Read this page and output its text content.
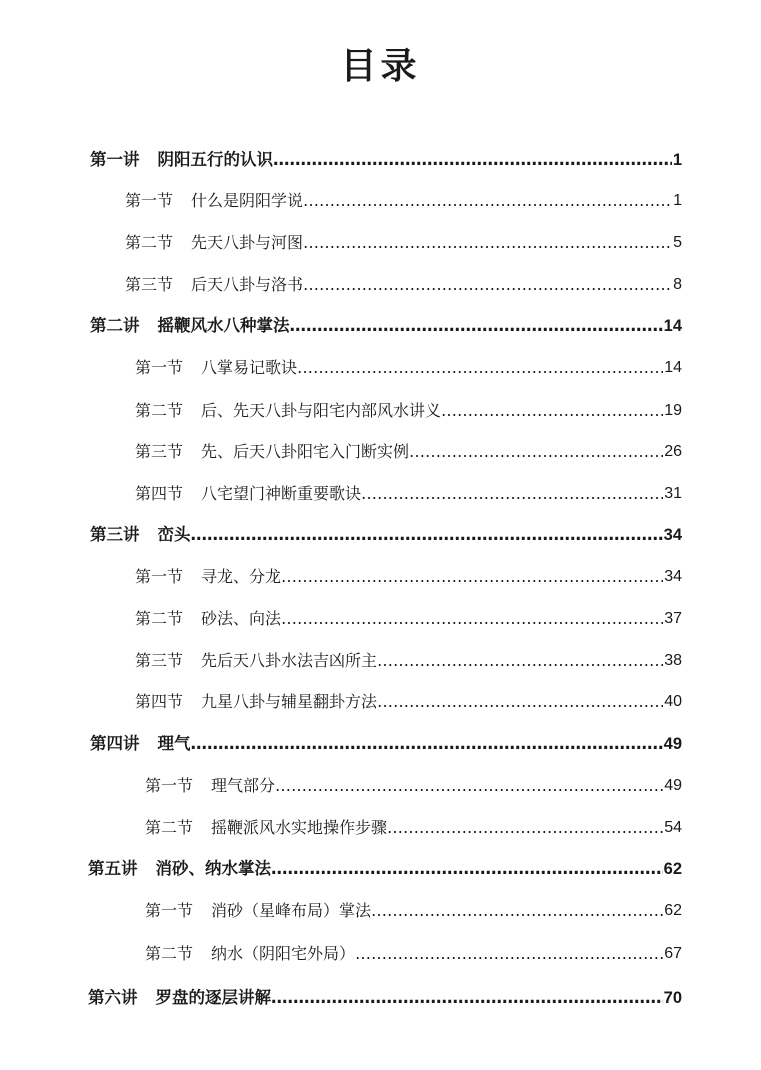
目录
第一讲 阴阳五行的认识 …………………………………………………………………………………………………………………………………………………………………………………………………………	1
第一节 什么是阴阳学说 …………………………………………………………………………………………………………………………………………………………………………………………………………	1
第二节 先天八卦与河图 …………………………………………………………………………………………………………………………………………………………………………………………………………	5
第三节 后天八卦与洛书 …………………………………………………………………………………………………………………………………………………………………………………………………………	8
第二讲 摇鞭风水八种掌法 …………………………………………………………………………………………………………………………………………………………………………………………………………	14
第一节 八掌易记歌诀 …………………………………………………………………………………………………………………………………………………………………………………………………………	14
第二节 后、先天八卦与阳宅内部风水讲义 …………………………………………………………………………………………………………………………………………………………………………………………………………	19
第三节 先、后天八卦阳宅入门断实例 …………………………………………………………………………………………………………………………………………………………………………………………………………	26
第四节 八宅望门神断重要歌诀 …………………………………………………………………………………………………………………………………………………………………………………………………………	31
第三讲 峦头 …………………………………………………………………………………………………………………………………………………………………………………………………………	34
第一节 寻龙、分龙 …………………………………………………………………………………………………………………………………………………………………………………………………………	34
第二节 砂法、向法 …………………………………………………………………………………………………………………………………………………………………………………………………………	37
第三节 先后天八卦水法吉凶所主 …………………………………………………………………………………………………………………………………………………………………………………………………………	38
第四节 九星八卦与辅星翻卦方法 …………………………………………………………………………………………………………………………………………………………………………………………………………	40
第四讲 理气 …………………………………………………………………………………………………………………………………………………………………………………………………………	49
第一节 理气部分 …………………………………………………………………………………………………………………………………………………………………………………………………………	49
第二节 摇鞭派风水实地操作步骤 …………………………………………………………………………………………………………………………………………………………………………………………………………	54
第五讲 消砂、纳水掌法 …………………………………………………………………………………………………………………………………………………………………………………………………………	62
第一节 消砂（星峰布局）掌法 …………………………………………………………………………………………………………………………………………………………………………………………………………	62
第二节 纳水（阴阳宅外局） …………………………………………………………………………………………………………………………………………………………………………………………………………	67
第六讲 罗盘的逐层讲解 …………………………………………………………………………………………………………………………………………………………………………………………………………	70
